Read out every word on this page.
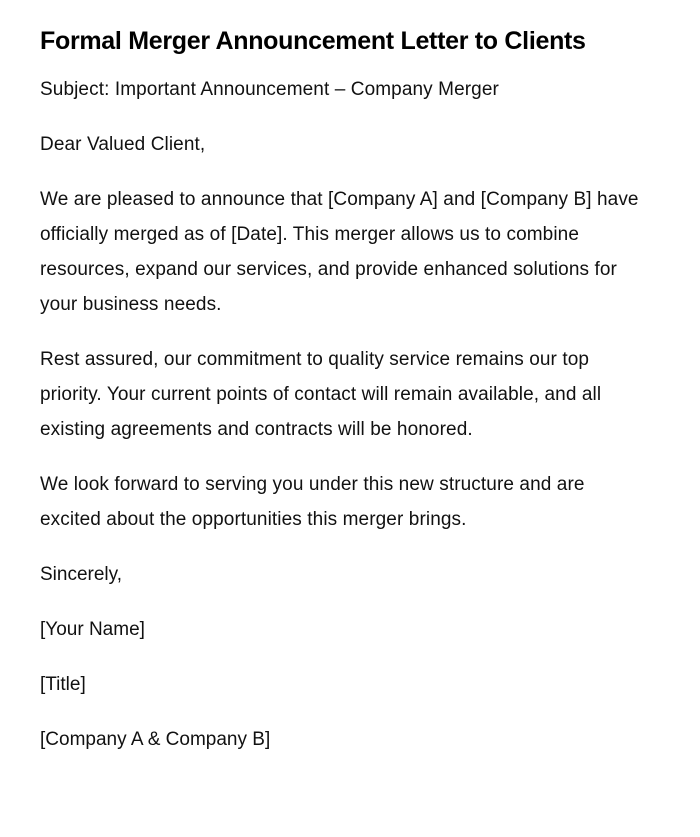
Formal Merger Announcement Letter to Clients

Subject: Important Announcement – Company Merger

Dear Valued Client,

We are pleased to announce that [Company A] and [Company B] have officially merged as of [Date]. This merger allows us to combine resources, expand our services, and provide enhanced solutions for your business needs.

Rest assured, our commitment to quality service remains our top priority. Your current points of contact will remain available, and all existing agreements and contracts will be honored.

We look forward to serving you under this new structure and are excited about the opportunities this merger brings.

Sincerely,

[Your Name]

[Title]

[Company A & Company B]
